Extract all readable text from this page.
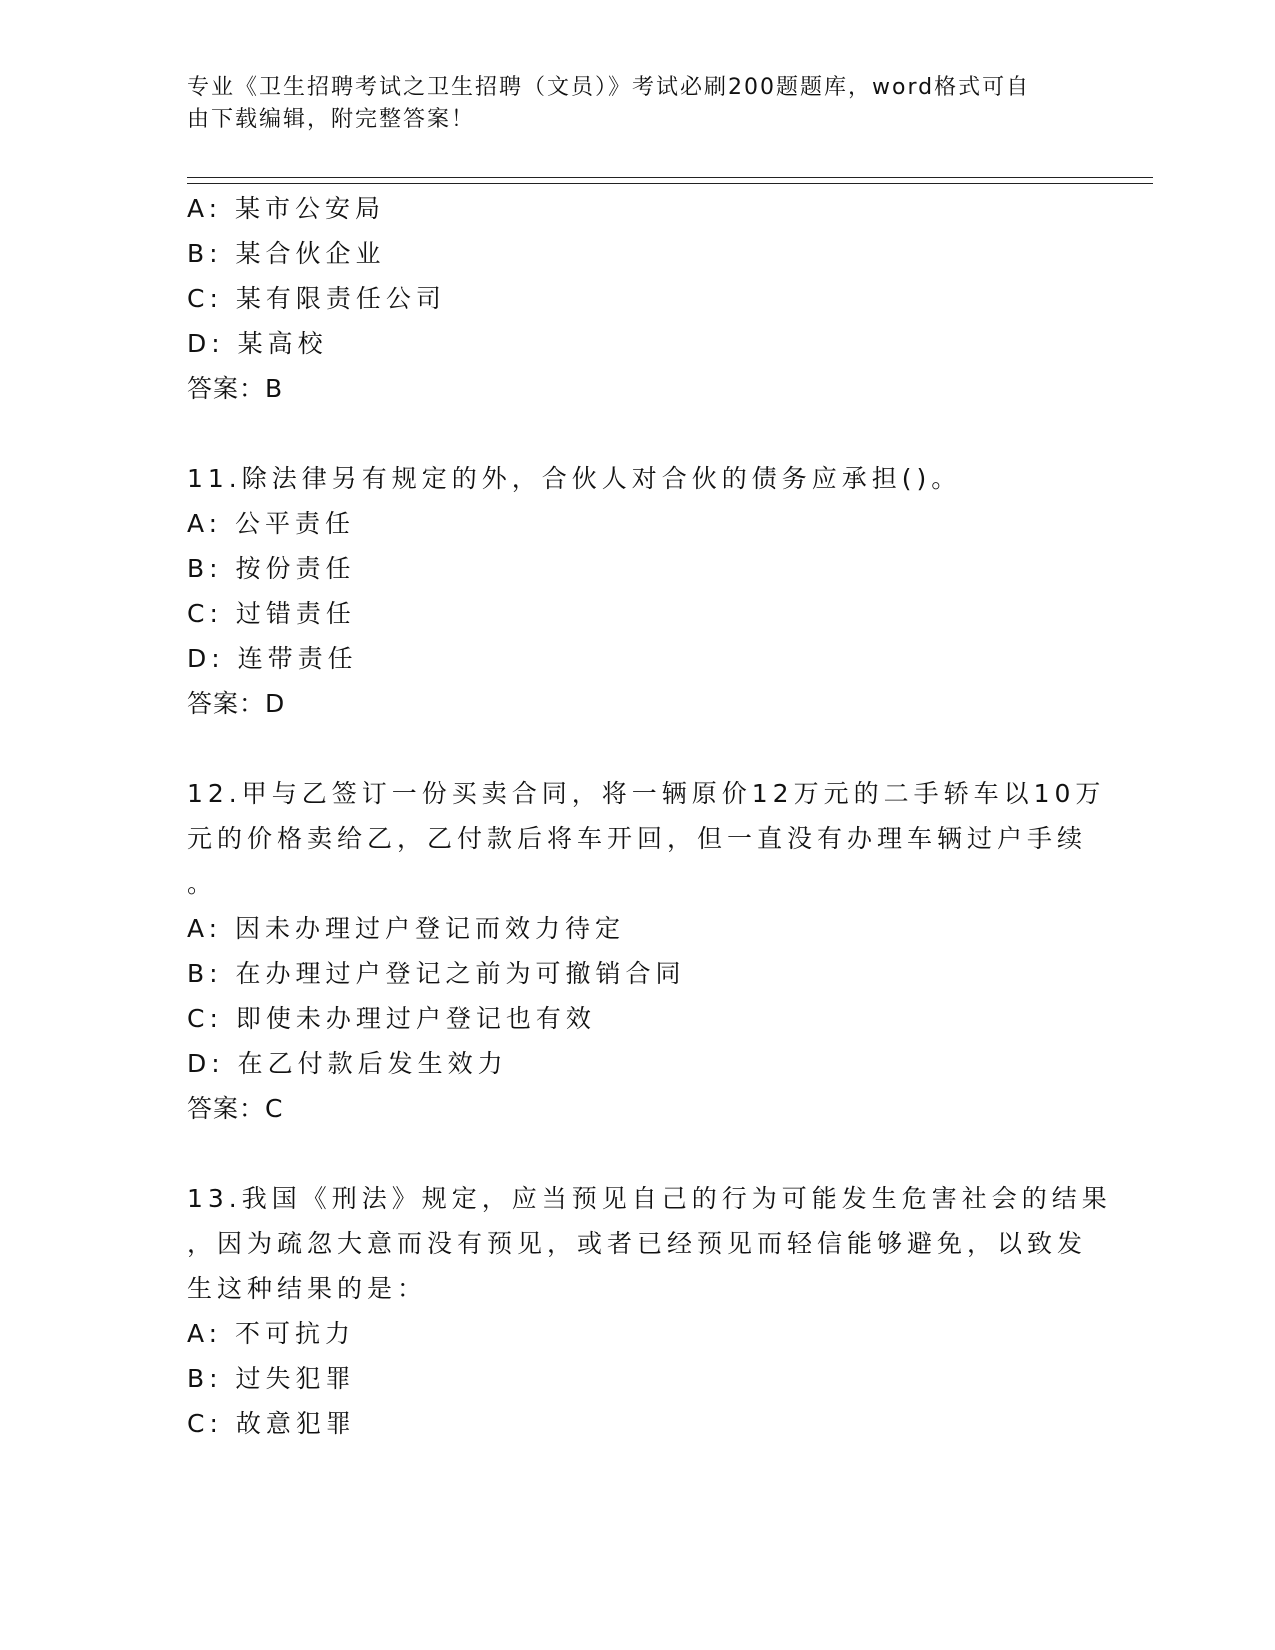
专业《卫生招聘考试之卫生招聘（文员）》考试必刷200题题库，word格式可自
由下载编辑，附完整答案！
A: 某市公安局
B: 某合伙企业
C: 某有限责任公司
D: 某高校
答案：B
11.除法律另有规定的外，合伙人对合伙的债务应承担()。
A: 公平责任
B: 按份责任
C: 过错责任
D: 连带责任
答案：D
12.甲与乙签订一份买卖合同，将一辆原价12万元的二手轿车以10万
元的价格卖给乙，乙付款后将车开回，但一直没有办理车辆过户手续
。
A: 因未办理过户登记而效力待定
B: 在办理过户登记之前为可撤销合同
C: 即使未办理过户登记也有效
D: 在乙付款后发生效力
答案：C
13.我国《刑法》规定，应当预见自己的行为可能发生危害社会的结果
，因为疏忽大意而没有预见，或者已经预见而轻信能够避免，以致发
生这种结果的是：
A: 不可抗力
B: 过失犯罪
C: 故意犯罪
